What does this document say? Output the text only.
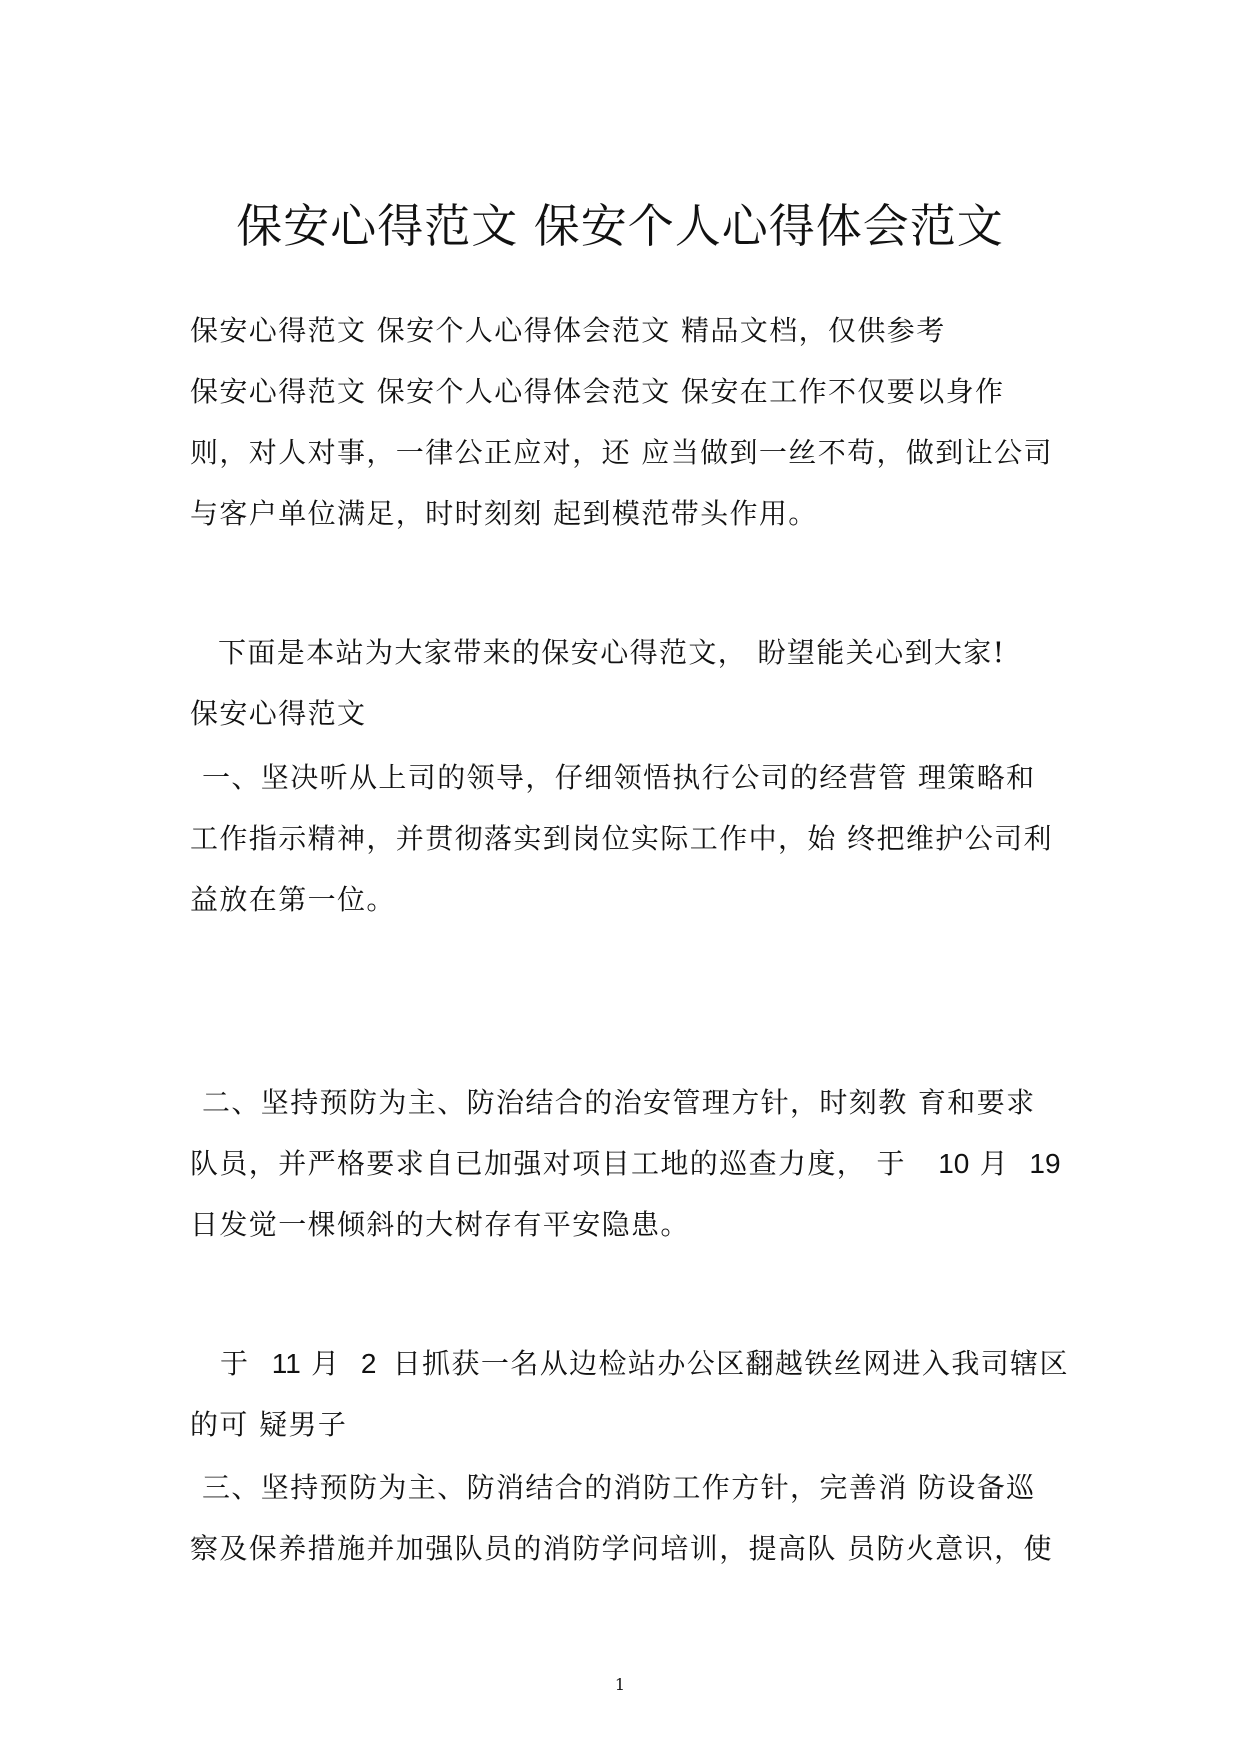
保安心得范文 保安个人心得体会范文
保安心得范文 保安个人心得体会范文 精品文档，仅供参考
保安心得范文 保安个人心得体会范文 保安在工作不仅要以身作
则，对人对事，一律公正应对，还 应当做到一丝不苟，做到让公司
与客户单位满足，时时刻刻 起到模范带头作用。
下面是本站为大家带来的保安心得范文， 盼望能关心到大家!
保安心得范文
一、坚决听从上司的领导，仔细领悟执行公司的经营管 理策略和
工作指示精神，并贯彻落实到岗位实际工作中，始 终把维护公司利
益放在第一位。
二、坚持预防为主、防治结合的治安管理方针，时刻教 育和要求
队员，并严格要求自已加强对项目工地的巡查力度， 于 10 月 19
日发觉一棵倾斜的大树存有平安隐患。
于 11 月 2 日抓获一名从边检站办公区翻越铁丝网进入我司辖区
的可 疑男子
三、坚持预防为主、防消结合的消防工作方针，完善消 防设备巡
察及保养措施并加强队员的消防学问培训，提高队 员防火意识，使
1
